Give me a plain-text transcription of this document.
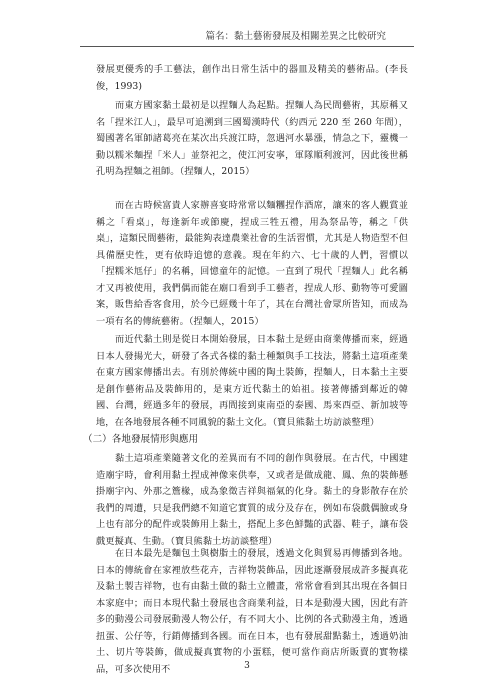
篇名：黏土藝術發展及相關差異之比較研究

發展更優秀的手工藝法，創作出日常生活中的器皿及精美的藝術品。(李長俊，1993)

而東方國家黏土最初是以捏麵人為起點。捏麵人為民間藝術，其原稱又名「捏米江人」，最早可追溯到三國蜀漢時代（約西元 220 至 260 年間），蜀國著名軍師諸葛亮在某次出兵渡江時，忽遇河水暴漲，情急之下，靈機一動以糯米麵捏「米人」並祭祀之，使江河安寧，軍隊順利渡河，因此後世稱孔明為捏麵之祖師。（捏麵人，2015）

而在古時候富貴人家辦喜宴時常常以麵糰捏作酒席，讓來的客人觀賞並稱之「看桌」，每逢新年或節慶，捏成三牲五禮，用為祭品等，稱之「供桌」，這類民間藝術，最能夠表達農業社會的生活習慣，尤其是人物造型不但具備歷史性，更有依時追憶的意義。現在年約六、七十歲的人們，習慣以「捏糯米尪仔」的名稱，回憶童年的記憶。一直到了現代「捏麵人」此名稱才又再被使用，我們偶而能在廟口看到手工藝者，捏成人形、動物等可愛圖案，販售給香客食用，於今已經幾十年了，其在台灣社會眾所皆知，而成為一項有名的傳統藝術。（捏麵人，2015）

而近代黏土則是從日本開始發展，日本黏土是經由商業傳播而來，經過日本人發揚光大，研發了各式各樣的黏土種類與手工技法，將黏土這項產業在東方國家傳播出去。有別於傳統中國的陶土裝飾，捏麵人，日本黏土主要是創作藝術品及裝飾用的，是東方近代黏土的始祖。接著傳播到鄰近的韓國、台灣，經過多年的發展，再間接到東南亞的泰國、馬來西亞、新加坡等地，在各地發展各種不同風貌的黏土文化。（寶貝熊黏土坊訪談整理）

（二）各地發展情形與應用

黏土這項產業隨著文化的差異而有不同的創作與發展。在古代，中國建造廟宇時，會利用黏土捏成神像來供奉，又或者是做成龍、鳳、魚的裝飾懸掛廟宇內、外那之簷椽，成為象徵吉祥與福氣的化身。黏土的身影散存在於我們的周遭，只是我們總不知道它實質的成分及存在，例如布袋戲偶臉或身上也有部分的配件或裝飾用上黏土，搭配上多色鮮豔的武器、鞋子，讓布袋戲更擬真、生動。（寶貝熊黏土坊訪談整理）

在日本最先是麵包土與樹脂土的發展，透過文化與貿易再傳播到各地。日本的傳統會在家裡放些花卉，吉祥物裝飾品，因此逐漸發展成許多擬真花及黏土製吉祥物，也有由黏土做的黏土立體畫，常常會看到其出現在各個日本家庭中；而日本現代黏土發展也含商業利益，日本是動漫大國，因此有許多的動漫公司發展動漫人物公仔，有不同大小、比例的各式動漫主角，透過扭蛋、公仔等，行銷傳播到各國。而在日本，也有發展甜點黏土，透過奶油土、切片等裝飾，做成擬真實物的小蛋糕，便可當作商店所販賣的實物樣品，可多次使用不	3
